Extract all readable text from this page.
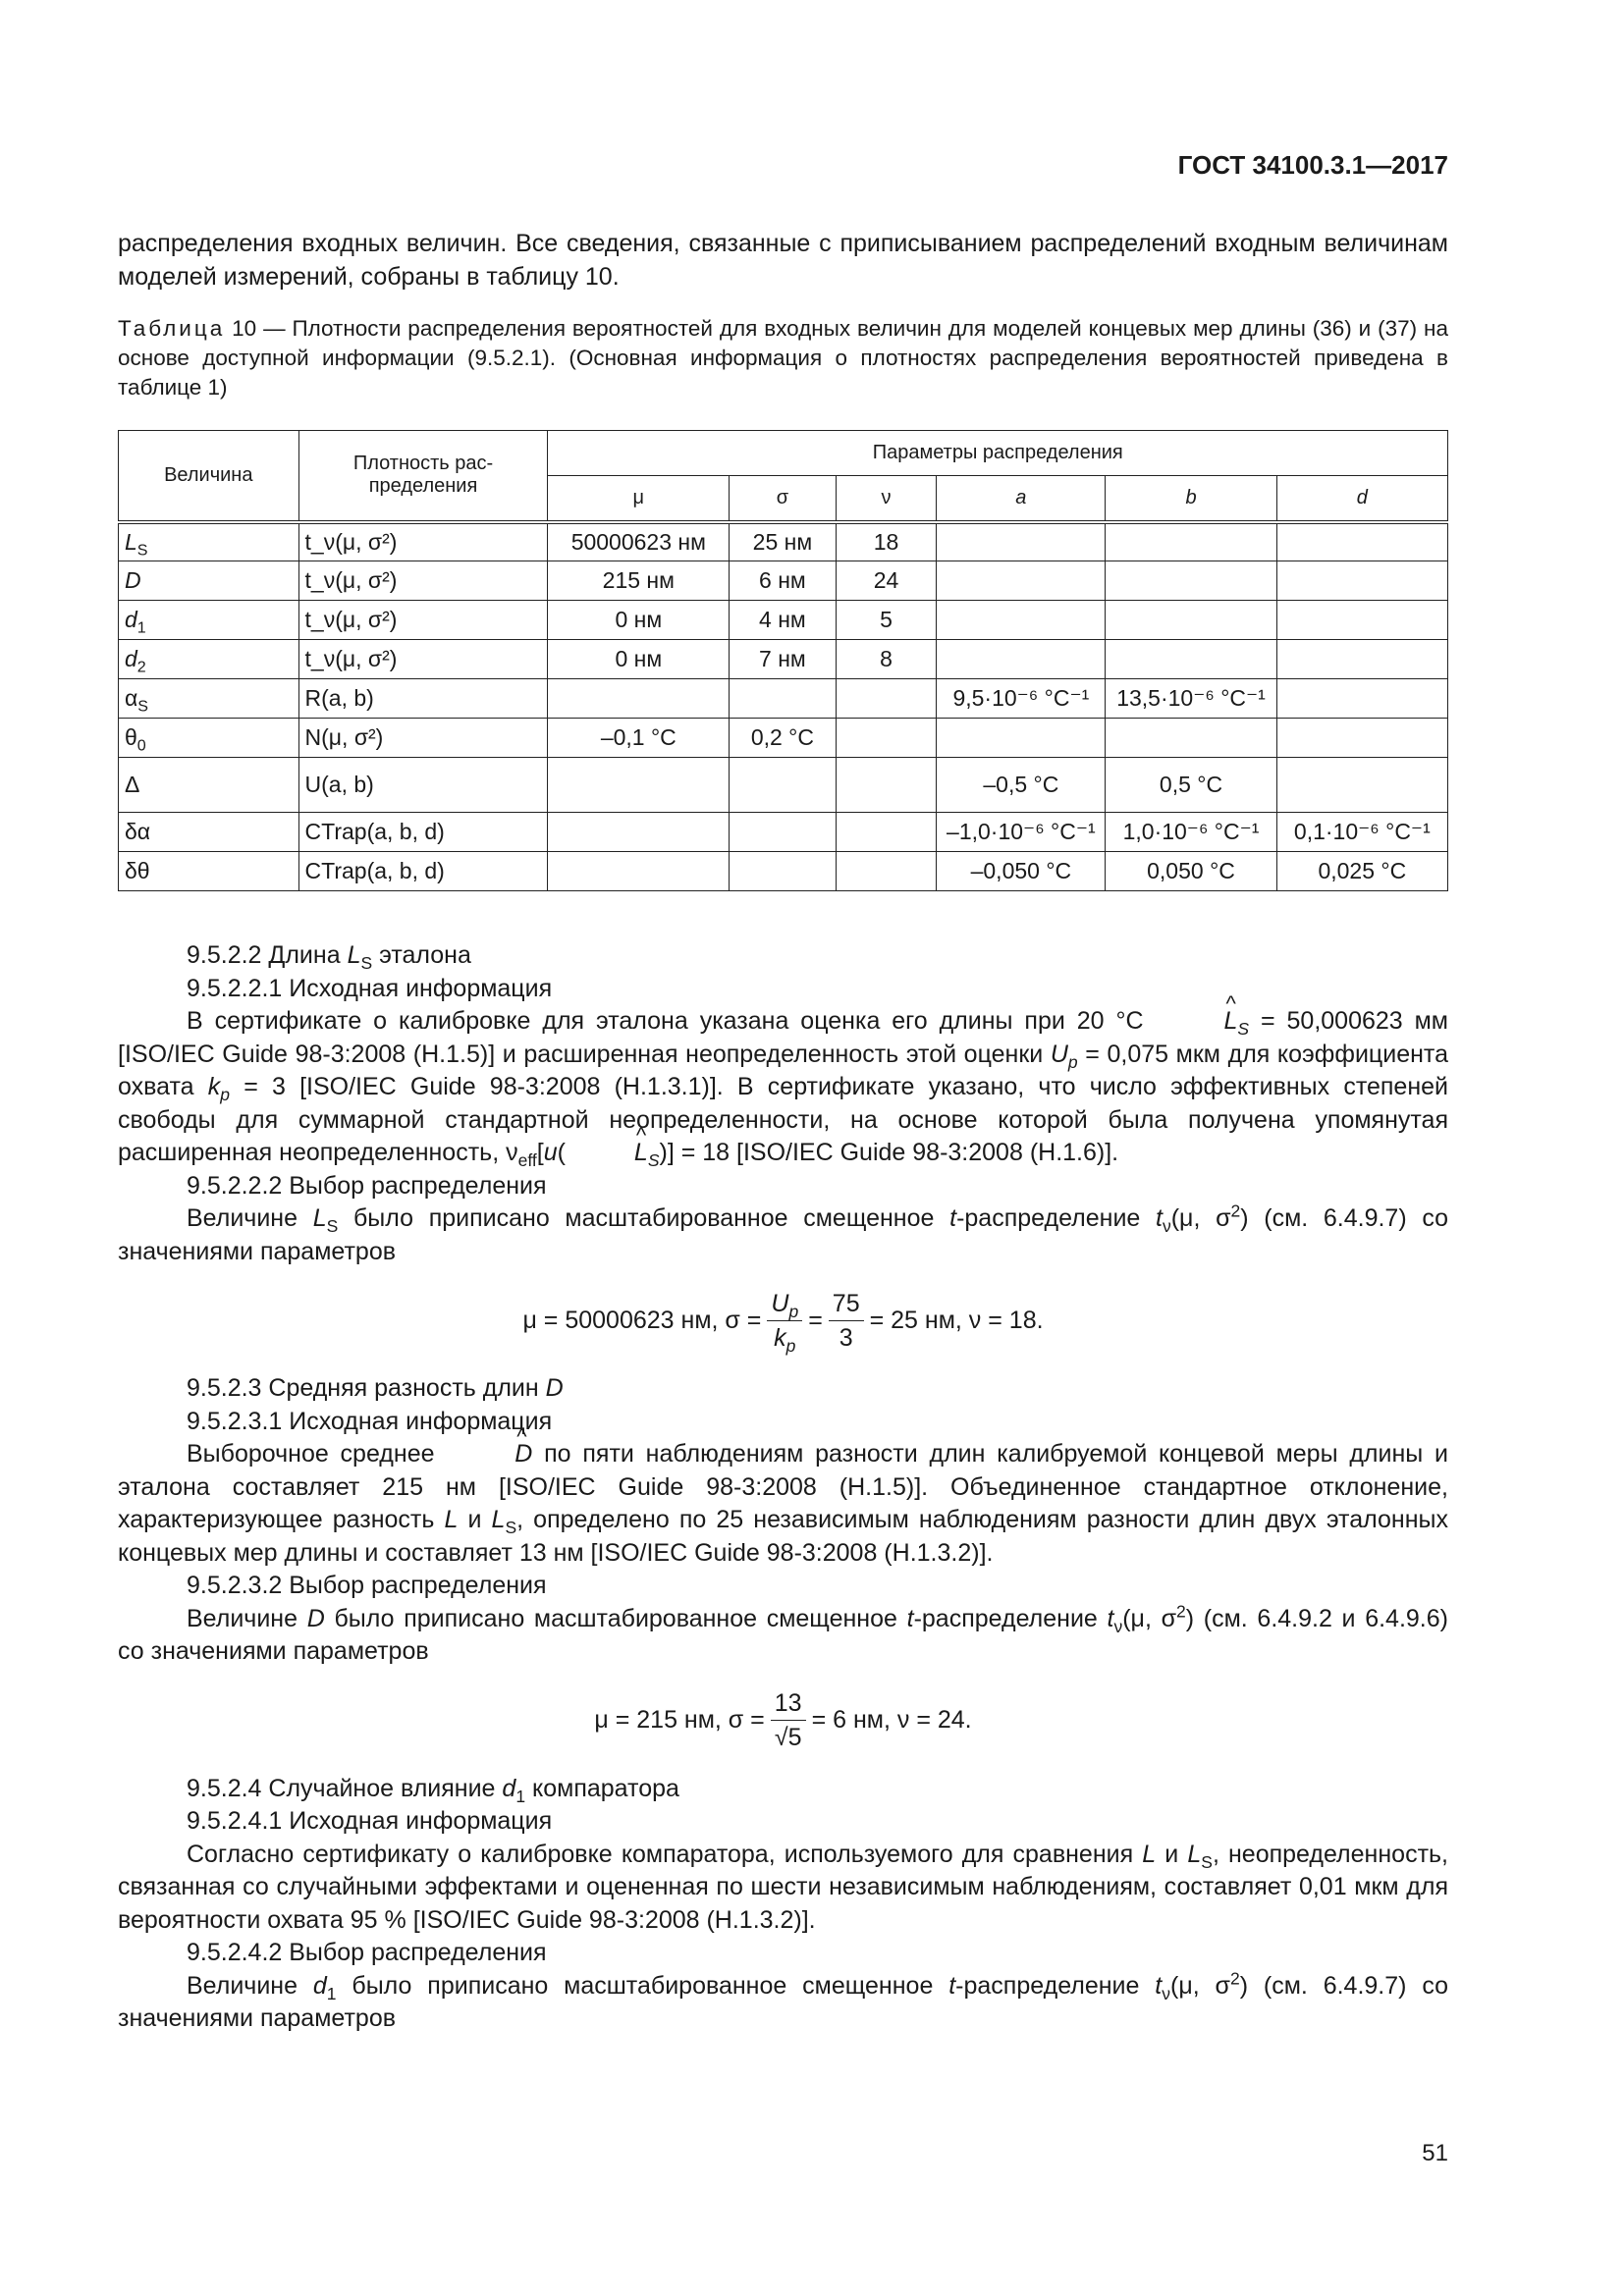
ГОСТ 34100.3.1—2017

распределения входных величин. Все сведения, связанные с приписыванием распределений входным величинам моделей измерений, собраны в таблицу 10.

Таблица 10 — Плотности распределения вероятностей для входных величин для моделей концевых мер длины (36) и (37) на основе доступной информации (9.5.2.1). (Основная информация о плотностях распределения вероятностей приведена в таблице 1)
Величина	Плотность рас-пределения	Параметры распределения					
		μ	σ	ν	a	b	d
$L_S$	t_ν(μ, σ²)	50000623 нм	25 нм	18			
D	t_ν(μ, σ²)	215 нм	6 нм	24			
$d_1$	t_ν(μ, σ²)	0 нм	4 нм	5			
$d_2$	t_ν(μ, σ²)	0 нм	7 нм	8			
$\alpha_S$	R(a, b)				9,5·10⁻⁶ °C⁻¹	13,5·10⁻⁶ °C⁻¹	
$\theta_0$	N(μ, σ²)	–0,1 °C	0,2 °C				
Δ	U(a, b)				–0,5 °C	0,5 °C	
δα	CTrap(a, b, d)				–1,0·10⁻⁶ °C⁻¹	1,0·10⁻⁶ °C⁻¹	0,1·10⁻⁶ °C⁻¹
δθ	CTrap(a, b, d)				–0,050 °C	0,050 °C	0,025 °C

9.5.2.2 Длина $L_S$ эталона

9.5.2.2.1 Исходная информация

В сертификате о калибровке для эталона указана оценка его длины при 20 °C	^ $L_S = 50,000623$ мм [ISO/IEC Guide 98-3:2008 (H.1.5)] и расширенная неопределенность этой оценки $U_p = 0,075$ мкм для коэффициента охвата $k_p = 3$ [ISO/IEC Guide 98-3:2008 (H.1.3.1)]. В сертификате указано, что число эффективных степеней свободы для суммарной стандартной неопределенности, на основе которой была получена упомянутая расширенная неопределенность, $\nu_{eff}[u$(	^ $L_S)] = 18$ [ISO/IEC Guide 98-3:2008 (H.1.6)].

9.5.2.2.2 Выбор распределения

Величине $L_S$ было приписано масштабированное смещенное t-распределение $t_\nu(\mu$, $\sigma^2$) (см. 6.4.9.7) со значениями параметров

μ = 50000623 нм, $\sigma = \frac{U_p}{k_p} = \frac{75}{3} = 25$ нм, ν = 18.

9.5.2.3 Средняя разность длин D

9.5.2.3.1 Исходная информация

Выборочное среднее	^ D по пяти наблюдениям разности длин калибруемой концевой меры длины и эталона составляет 215 нм [ISO/IEC Guide 98-3:2008 (H.1.5)]. Объединенное стандартное отклонение, характеризующее разность L и $L_S$, определено по 25 независимым наблюдениям разности длин двух эталонных концевых мер длины и составляет 13 нм [ISO/IEC Guide 98-3:2008 (H.1.3.2)].

9.5.2.3.2 Выбор распределения

Величине D было приписано масштабированное смещенное t-распределение $t_\nu(\mu$, $\sigma^2$) (см. 6.4.9.2 и 6.4.9.6) со значениями параметров

μ = 215 нм, $\sigma = \frac{13}{√5} = 6$ нм, ν = 24.

9.5.2.4 Случайное влияние $d_1$ компаратора

9.5.2.4.1 Исходная информация

Согласно сертификату о калибровке компаратора, используемого для сравнения L и $L_S$, неопределенность, связанная со случайными эффектами и оцененная по шести независимым наблюдениям, составляет 0,01 мкм для вероятности охвата 95 % [ISO/IEC Guide 98-3:2008 (H.1.3.2)].

9.5.2.4.2 Выбор распределения

Величине $d_1$ было приписано масштабированное смещенное t-распределение $t_\nu(\mu$, $\sigma^2$) (см. 6.4.9.7) со значениями параметров

51
